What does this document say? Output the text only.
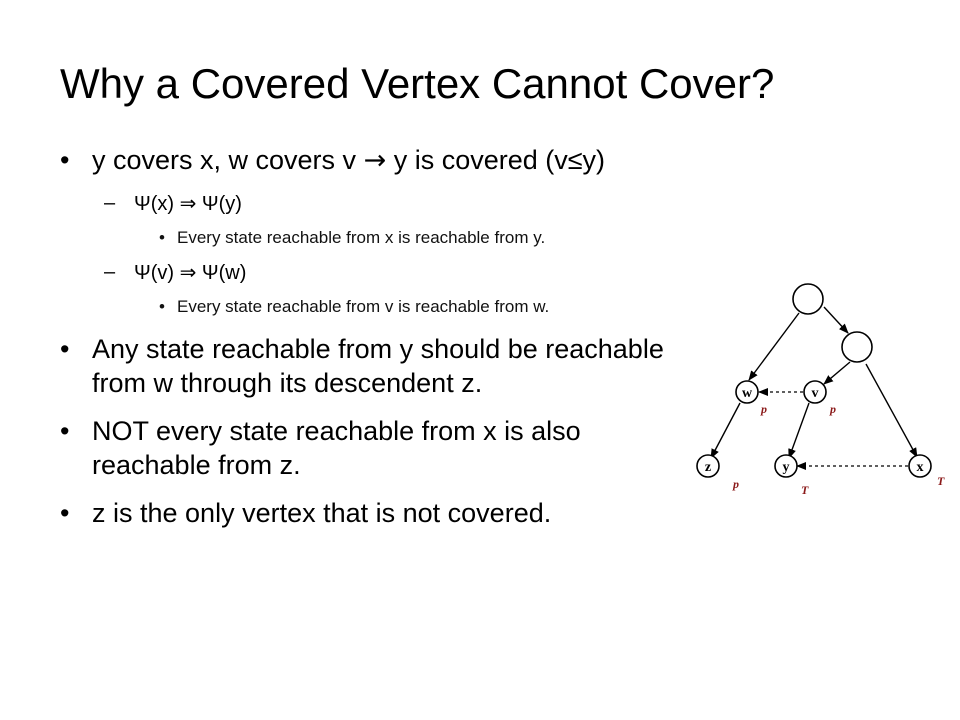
Why a Covered Vertex Cannot Cover?
• y covers x, w covers v → y is covered (v≤y)
– Ψ(x) ⇒ Ψ(y)
• Every state reachable from x is reachable from y.
– Ψ(v) ⇒ Ψ(w)
• Every state reachable from v is reachable from w.
• Any state reachable from y should be reachable from w through its descendent z.
• NOT every state reachable from x is also reachable from z.
• z is the only vertex that is not covered.
w	v
z	y	x
p	p
p	T
T
